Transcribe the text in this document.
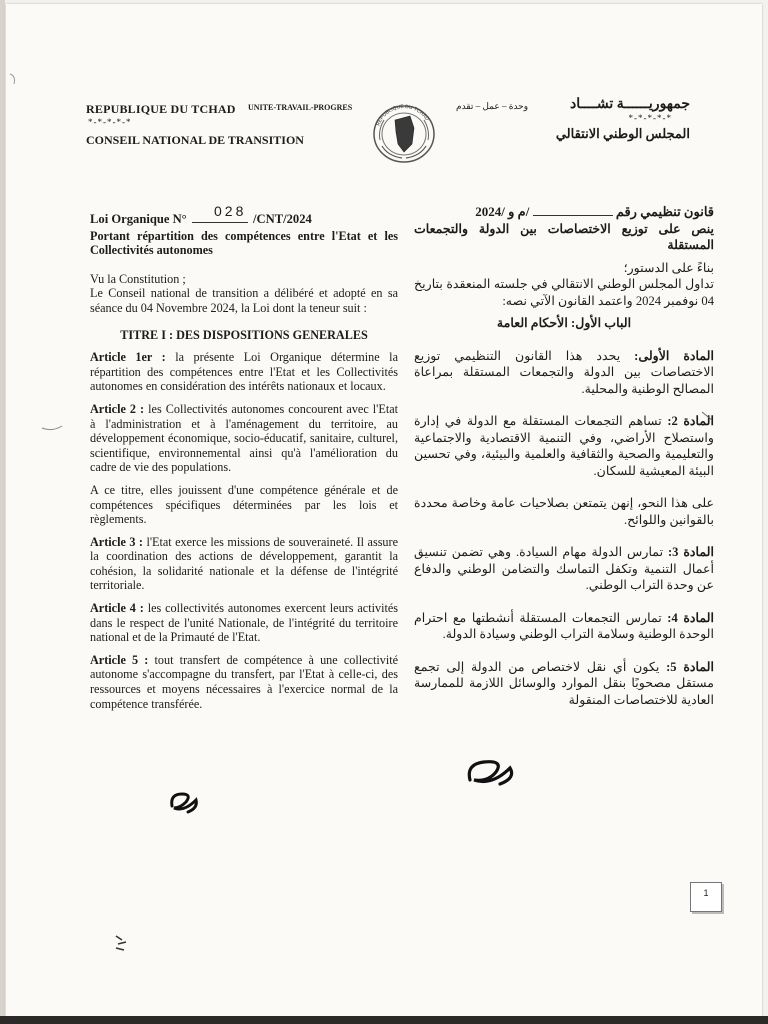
REPUBLIQUE DU TCHAD UNITE-TRAVAIL-PROGRES
*-*-*-*-*
CONSEIL NATIONAL DE TRANSITION
REPUBLIQUE DU TCHAD
وحدة – عمل – تقدم	جمهوريــــــة تشــــاد
*-*-*-*-*
المجلس الوطني الانتقالي
Loi Organique N°	/CNT/2024
028

Portant répartition des compétences entre l'Etat et les Collectivités autonomes

Vu la Constitution ;

Le Conseil national de transition a délibéré et adopté en sa séance du 04 Novembre 2024, la Loi dont la teneur suit :

TITRE I : DES DISPOSITIONS GENERALES

Article 1er : la présente Loi Organique détermine la répartition des compétences entre l'Etat et les Collectivités autonomes en considération des intérêts nationaux et locaux.

Article 2 : les Collectivités autonomes concourent avec l'Etat à l'administration et à l'aménagement du territoire, au développement économique, socio-éducatif, sanitaire, culturel, scientifique, environnemental ainsi qu'à l'amélioration du cadre de vie des populations.

A ce titre, elles jouissent d'une compétence générale et de compétences spécifiques déterminées par les lois et règlements.

Article 3 : l'Etat exerce les missions de souveraineté. Il assure la coordination des actions de développement, garantit la cohésion, la solidarité nationale et la défense de l'intégrité territoriale.

Article 4 : les collectivités autonomes exercent leurs activités dans le respect de l'unité Nationale, de l'intégrité du territoire national et de la Primauté de l'Etat.

Article 5 : tout transfert de compétence à une collectivité autonome s'accompagne du transfert, par l'Etat à celle-ci, des ressources et moyens nécessaires à l'exercice normal de la compétence transférée.

قانون تنظيمي رقم  /م و /2024

ينص على توزيع الاختصاصات بين الدولة والتجمعات المستقلة

بناءً على الدستور؛

تداول المجلس الوطني الانتقالي في جلسته المنعقدة بتاريخ 04 نوفمبر 2024 واعتمد القانون الآتي نصه:

الباب الأول: الأحكام العامة

المادة الأولى: يحدد هذا القانون التنظيمي توزيع الاختصاصات بين الدولة والتجمعات المستقلة بمراعاة المصالح الوطنية والمحلية.

المادة 2: تساهم التجمعات المستقلة مع الدولة في إدارة واستصلاح الأراضي، وفي التنمية الاقتصادية والاجتماعية والتعليمية والصحية والثقافية والعلمية والبيئية، وفي تحسين البيئة المعيشية للسكان.

على هذا النحو، إنهن يتمتعن بصلاحيات عامة وخاصة محددة بالقوانين واللوائح.

المادة 3: تمارس الدولة مهام السيادة. وهي تضمن تنسيق أعمال التنمية وتكفل التماسك والتضامن الوطني والدفاع عن وحدة التراب الوطني.

المادة 4: تمارس التجمعات المستقلة أنشطتها مع احترام الوحدة الوطنية وسلامة التراب الوطني وسيادة الدولة.

المادة 5: يكون أي نقل لاختصاص من الدولة إلى تجمع مستقل مصحوبًا بنقل الموارد والوسائل اللازمة للممارسة العادية للاختصاصات المنقولة

1
